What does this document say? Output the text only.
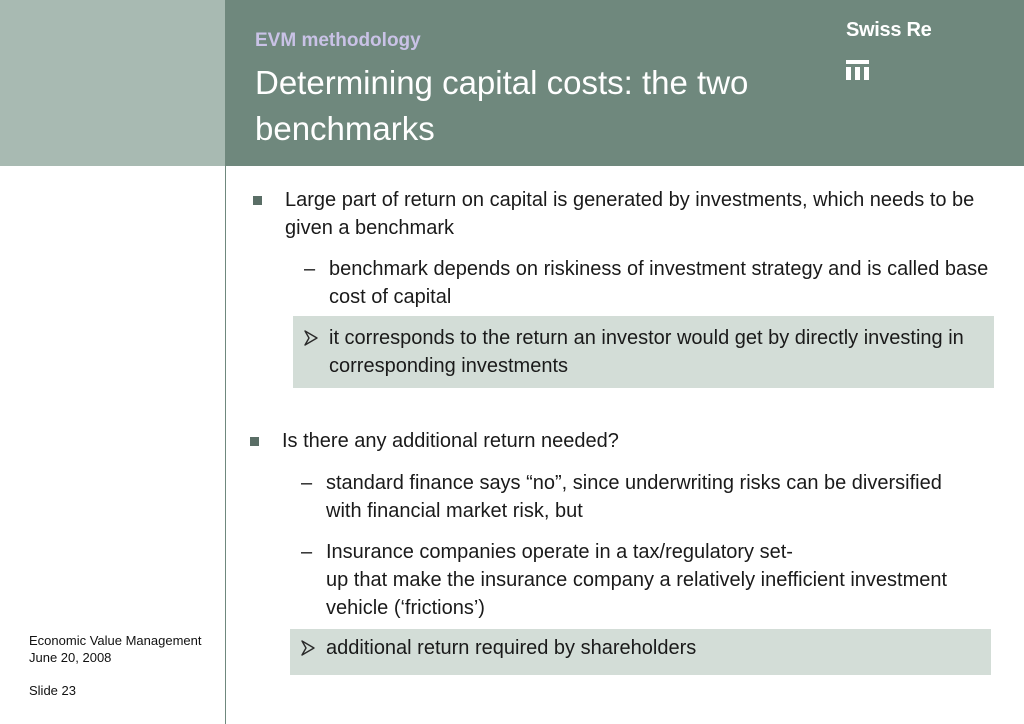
EVM methodology
Determining capital costs: the two benchmarks
Swiss Re
Large part of return on capital is generated by investments, which needs to be given a benchmark
– benchmark depends on riskiness of investment strategy and is called base cost of capital
it corresponds to the return an investor would get by directly investing in corresponding investments
Is there any additional return needed?
– standard finance says “no”, since underwriting risks can be diversified with financial market risk, but
– Insurance companies operate in a tax/regulatory set-
up that make the insurance company a relatively inefficient investment vehicle (‘frictions’)
additional return required by shareholders
Economic Value Management
June 20, 2008
Slide 23
